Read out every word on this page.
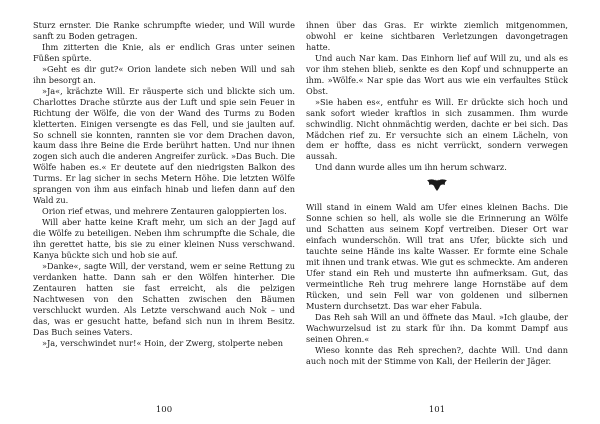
Sturz ernster. Die Ranke schrumpfte wieder, und Will wurde sanft zu Boden getragen.

Ihm zitterten die Knie, als er endlich Gras unter seinen Füßen spürte.

»Geht es dir gut?« Orion landete sich neben Will und sah ihn besorgt an.

»Ja«, krächzte Will. Er räusperte sich und blickte sich um. Charlottes Drache stürzte aus der Luft und spie sein Feuer in Richtung der Wölfe, die von der Wand des Turms zu Boden kletterten. Einigen versengte es das Fell, und sie jaulten auf. So schnell sie konnten, rannten sie vor dem Drachen davon, kaum dass ihre Beine die Erde berührt hatten. Und nur ihnen zogen sich auch die anderen Angreifer zurück. »Das Buch. Die Wölfe haben es.« Er deutete auf den niedrigsten Balkon des Turms. Er lag sicher in sechs Metern Höhe. Die letzten Wölfe sprangen von ihm aus einfach hinab und liefen dann auf den Wald zu.

Orion rief etwas, und mehrere Zentauren galoppierten los.

Will aber hatte keine Kraft mehr, um sich an der Jagd auf die Wölfe zu beteiligen. Neben ihm schrumpfte die Schale, die ihn gerettet hatte, bis sie zu einer kleinen Nuss verschwand. Kanya bückte sich und hob sie auf.

»Danke«, sagte Will, der verstand, wem er seine Rettung zu verdanken hatte. Dann sah er den Wölfen hinterher. Die Zentauren hatten sie fast erreicht, als die pelzigen Nachtwesen von den Schatten zwischen den Bäumen verschluckt wurden. Als Letzte verschwand auch Nok – und das, was er gesucht hatte, befand sich nun in ihrem Besitz. Das Buch seines Vaters.

»Ja, verschwindet nur!« Hoin, der Zwerg, stolperte neben

100

ihnen über das Gras. Er wirkte ziemlich mitgenommen, obwohl er keine sichtbaren Verletzungen davongetragen hatte.

Und auch Nar kam. Das Einhorn lief auf Will zu, und als es vor ihm stehen blieb, senkte es den Kopf und schnupperte an ihm. »Wölfe.« Nar spie das Wort aus wie ein verfaultes Stück Obst.

»Sie haben es«, entfuhr es Will. Er drückte sich hoch und sank sofort wieder kraftlos in sich zusammen. Ihm wurde schwindlig. Nicht ohnmächtig werden, dachte er bei sich. Das Mädchen rief zu. Er versuchte sich an einem Lächeln, von dem er hoffte, dass es nicht verrückt, sondern verwegen aussah.

Und dann wurde alles um ihn herum schwarz.

Will stand in einem Wald am Ufer eines kleinen Bachs. Die Sonne schien so hell, als wolle sie die Erinnerung an Wölfe und Schatten aus seinem Kopf vertreiben. Dieser Ort war einfach wunderschön. Will trat ans Ufer, bückte sich und tauchte seine Hände ins kalte Wasser. Er formte eine Schale mit ihnen und trank etwas. Wie gut es schmeckte. Am anderen Ufer stand ein Reh und musterte ihn aufmerksam. Gut, das vermeintliche Reh trug mehrere lange Hornstäbe auf dem Rücken, und sein Fell war von goldenen und silbernen Mustern durchsetzt. Das war eher Fabula.

Das Reh sah Will an und öffnete das Maul. »Ich glaube, der Wachwurzelsud ist zu stark für ihn. Da kommt Dampf aus seinen Ohren.«

Wieso konnte das Reh sprechen?, dachte Will. Und dann auch noch mit der Stimme von Kali, der Heilerin der Jäger.

101
